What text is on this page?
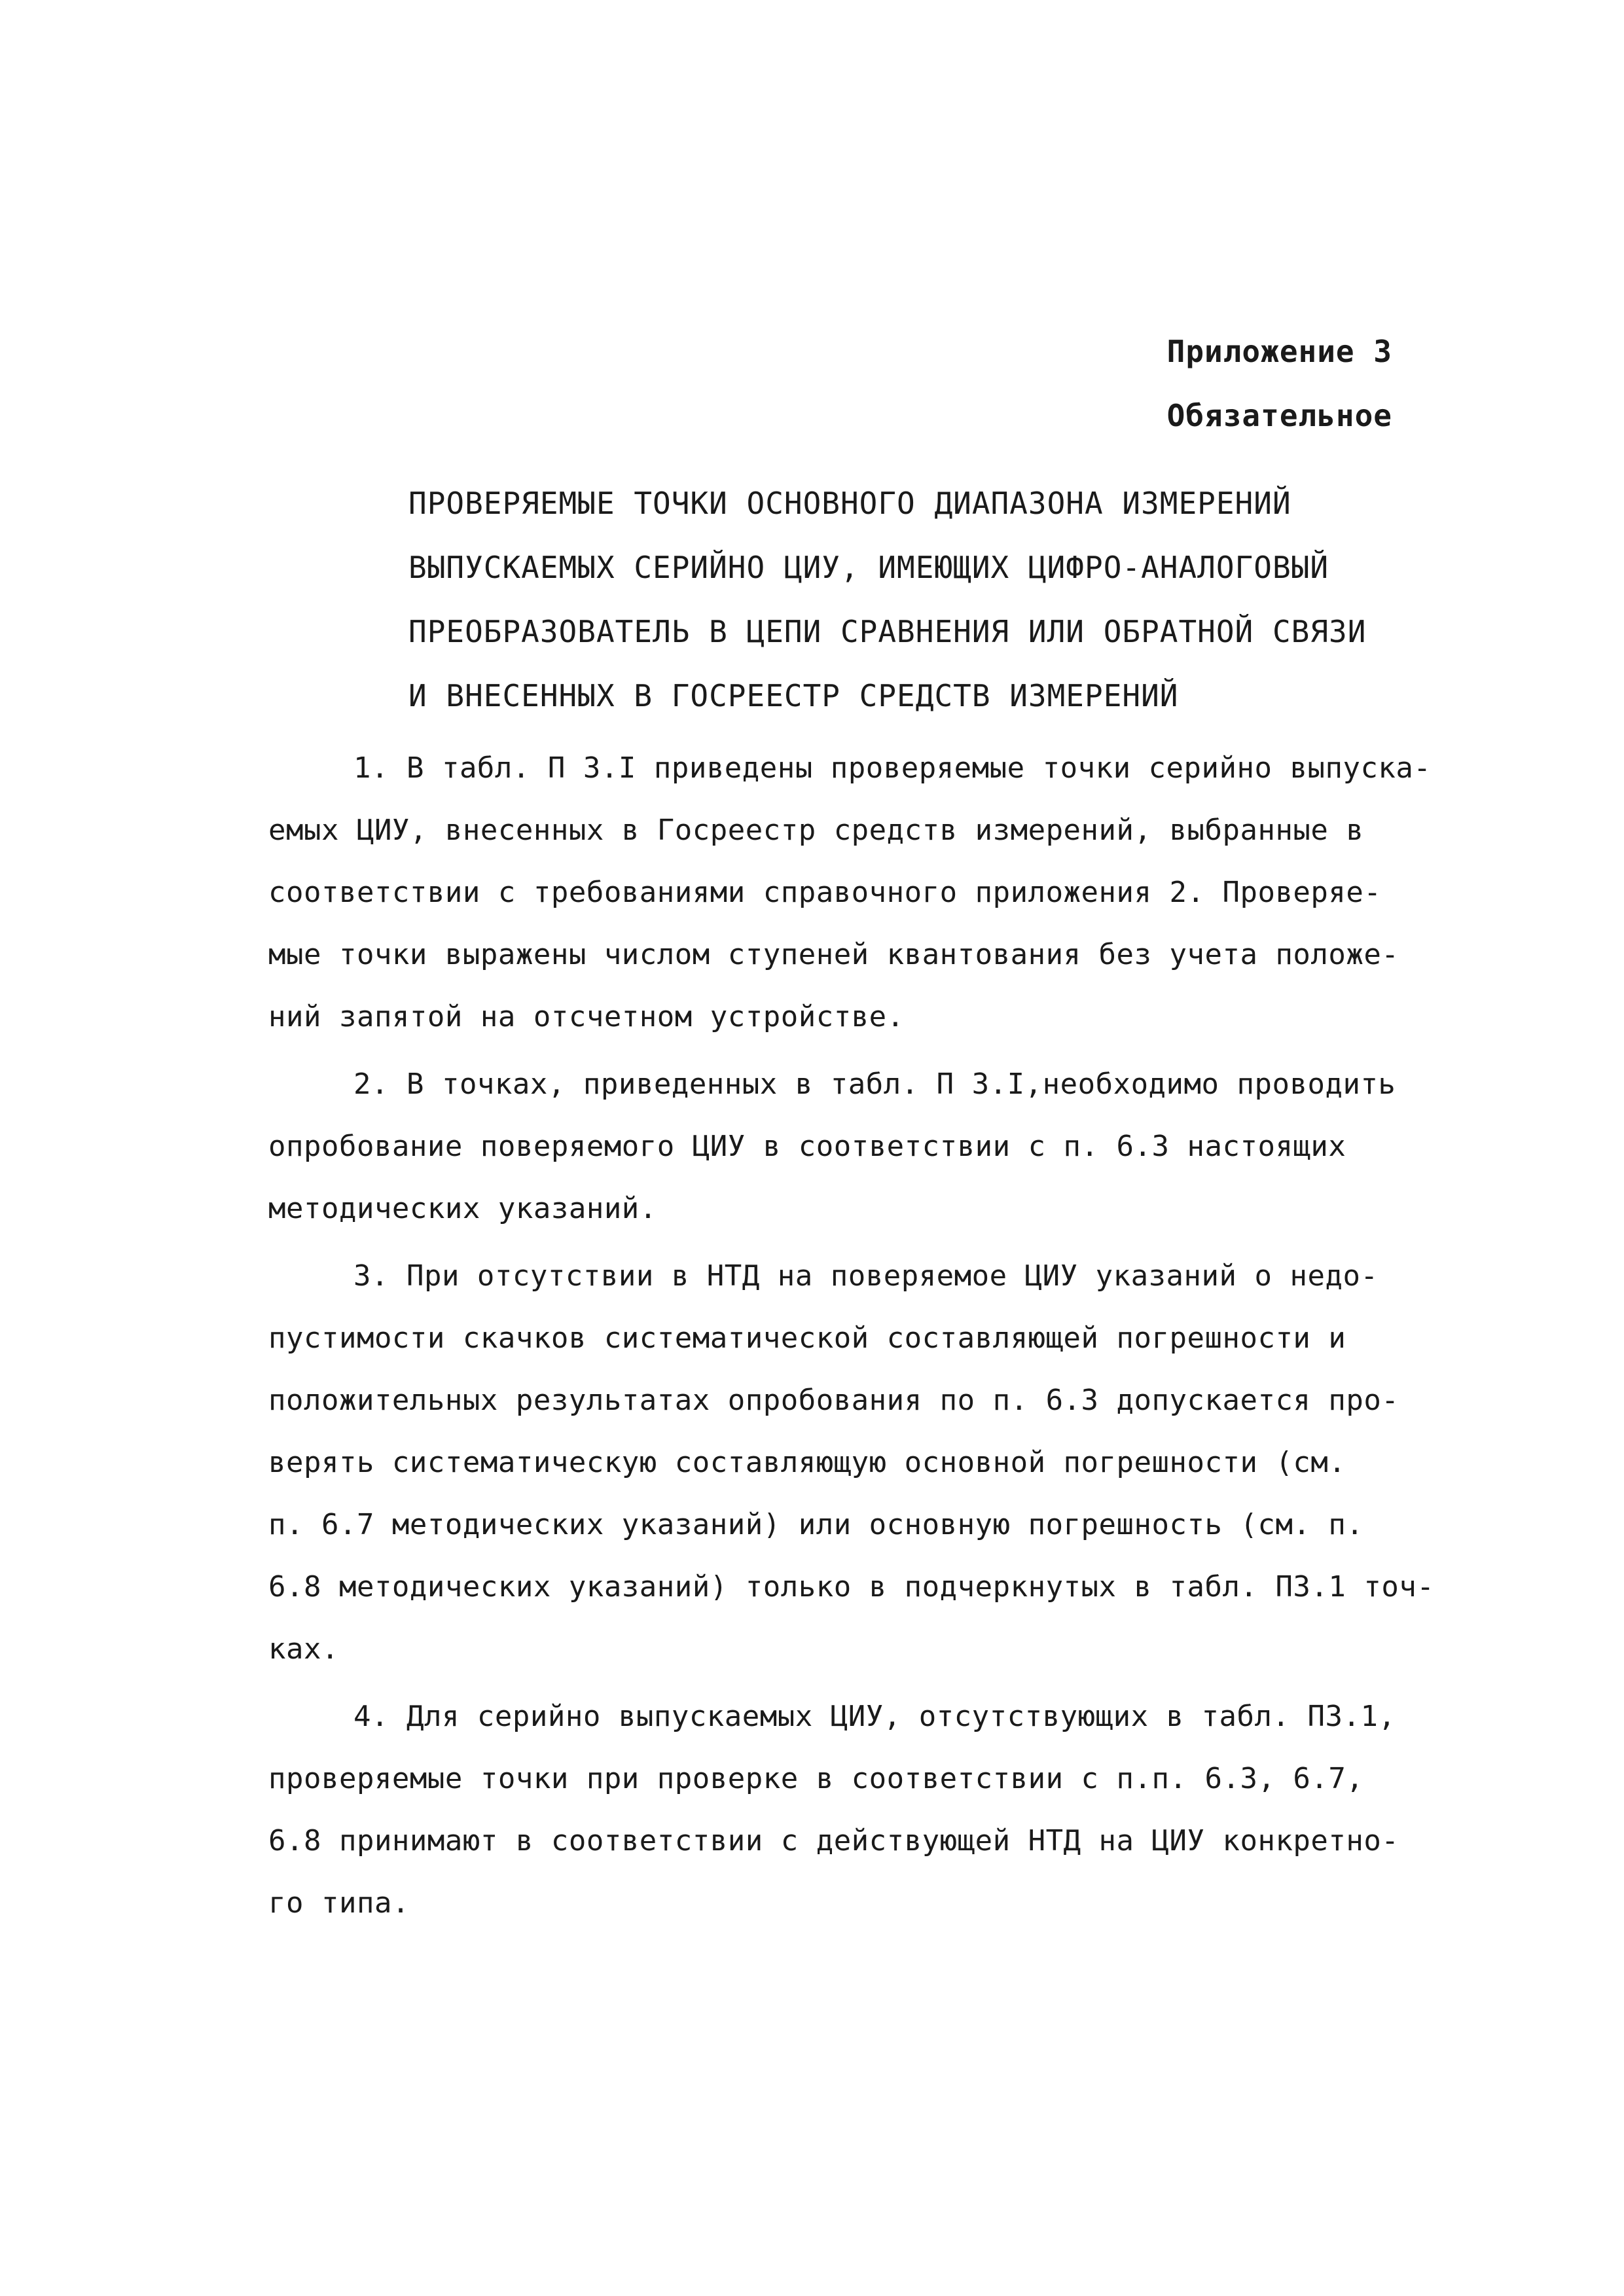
Приложение 3
Обязательное
ПРОВЕРЯЕМЫЕ ТОЧКИ ОСНОВНОГО ДИАПАЗОНА ИЗМЕРЕНИЙ
ВЫПУСКАЕМЫХ СЕРИЙНО ЦИУ, ИМЕЮЩИХ ЦИФРО-АНАЛОГОВЫЙ
ПРЕОБРАЗОВАТЕЛЬ В ЦЕПИ СРАВНЕНИЯ ИЛИ ОБРАТНОЙ СВЯЗИ
И ВНЕСЕННЫХ В ГОСРЕЕСТР СРЕДСТВ ИЗМЕРЕНИЙ
1. В табл. П 3.I приведены проверяемые точки серийно выпуска-
емых ЦИУ, внесенных в Госреестр средств измерений, выбранные в
соответствии с требованиями справочного приложения 2. Проверяе-
мые точки выражены числом ступеней квантования без учета положе-
ний запятой на отсчетном устройстве.
2. В точках, приведенных в табл. П 3.I,необходимо проводить
опробование поверяемого ЦИУ в соответствии с п. 6.3 настоящих
методических указаний.
3. При отсутствии в НТД на поверяемое ЦИУ указаний о недо-
пустимости скачков систематической составляющей погрешности и
положительных результатах опробования по п. 6.3 допускается про-
верять систематическую составляющую основной погрешности (см.
п. 6.7 методических указаний) или основную погрешность (см. п.
6.8 методических указаний) только в подчеркнутых в табл. П3.1 точ-
ках.
4. Для серийно выпускаемых ЦИУ, отсутствующих в табл. П3.1,
проверяемые точки при проверке в соответствии с п.п. 6.3, 6.7,
6.8 принимают в соответствии с действующей НТД на ЦИУ конкретно-
го типа.
